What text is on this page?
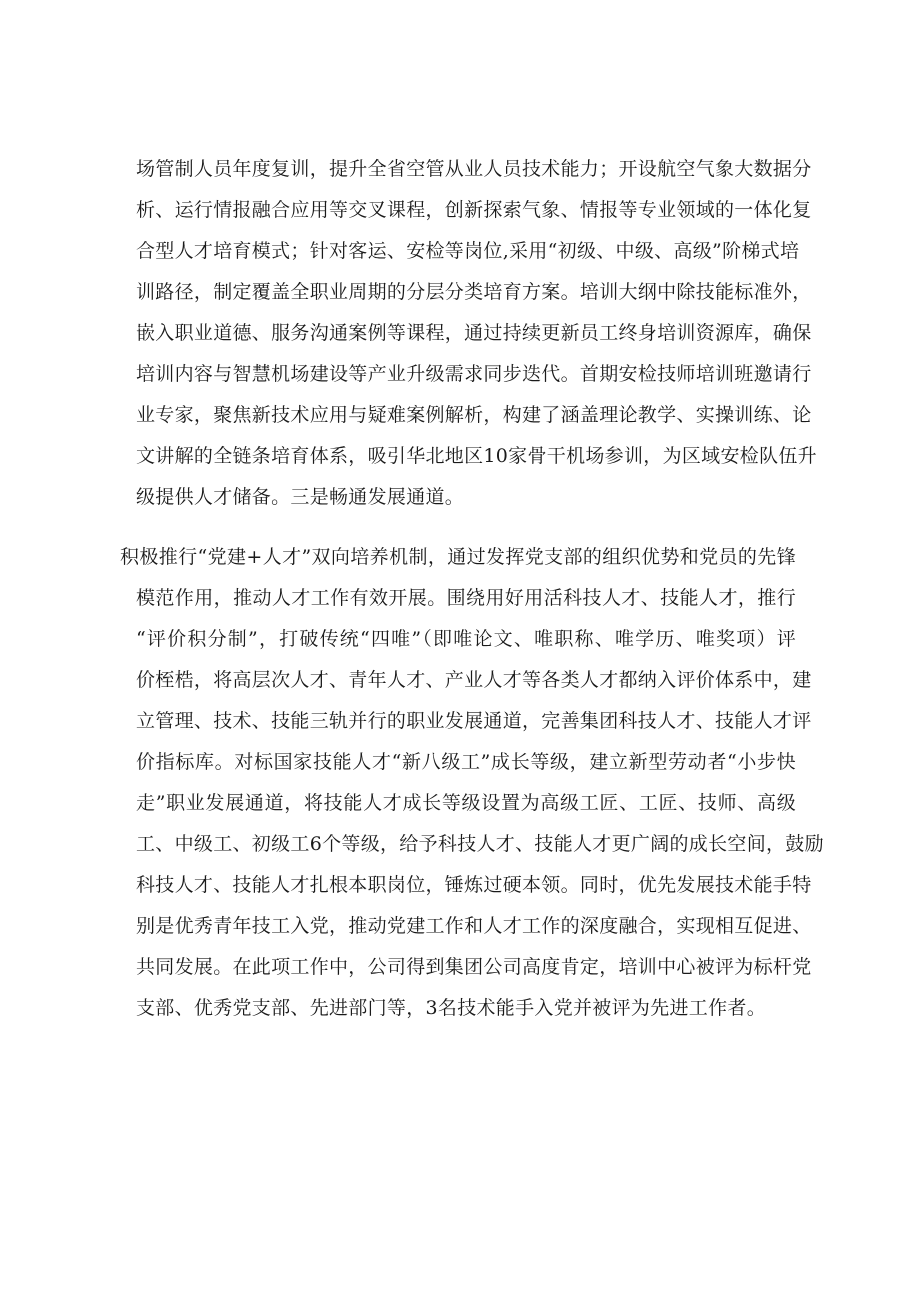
场管制人员年度复训，提升全省空管从业人员技术能力；开设航空气象大数据分
析、运行情报融合应用等交叉课程，创新探索气象、情报等专业领域的一体化复
合型人才培育模式；针对客运、安检等岗位,采用“初级、中级、高级”阶梯式培
训路径，制定覆盖全职业周期的分层分类培育方案。培训大纲中除技能标准外，
嵌入职业道德、服务沟通案例等课程，通过持续更新员工终身培训资源库，确保
培训内容与智慧机场建设等产业升级需求同步迭代。首期安检技师培训班邀请行
业专家，聚焦新技术应用与疑难案例解析，构建了涵盖理论教学、实操训练、论
文讲解的全链条培育体系，吸引华北地区10家骨干机场参训，为区域安检队伍升
级提供人才储备。三是畅通发展通道。
积极推行“党建+人才”双向培养机制，通过发挥党支部的组织优势和党员的先锋
模范作用，推动人才工作有效开展。围绕用好用活科技人才、技能人才，推行
“评价积分制”，打破传统“四唯”（即唯论文、唯职称、唯学历、唯奖项）评
价桎梏，将高层次人才、青年人才、产业人才等各类人才都纳入评价体系中，建
立管理、技术、技能三轨并行的职业发展通道，完善集团科技人才、技能人才评
价指标库。对标国家技能人才“新八级工”成长等级，建立新型劳动者“小步快
走”职业发展通道，将技能人才成长等级设置为高级工匠、工匠、技师、高级
工、中级工、初级工6个等级，给予科技人才、技能人才更广阔的成长空间，鼓励
科技人才、技能人才扎根本职岗位，锤炼过硬本领。同时，优先发展技术能手特
别是优秀青年技工入党，推动党建工作和人才工作的深度融合，实现相互促进、
共同发展。在此项工作中，公司得到集团公司高度肯定，培训中心被评为标杆党
支部、优秀党支部、先进部门等，3名技术能手入党并被评为先进工作者。
